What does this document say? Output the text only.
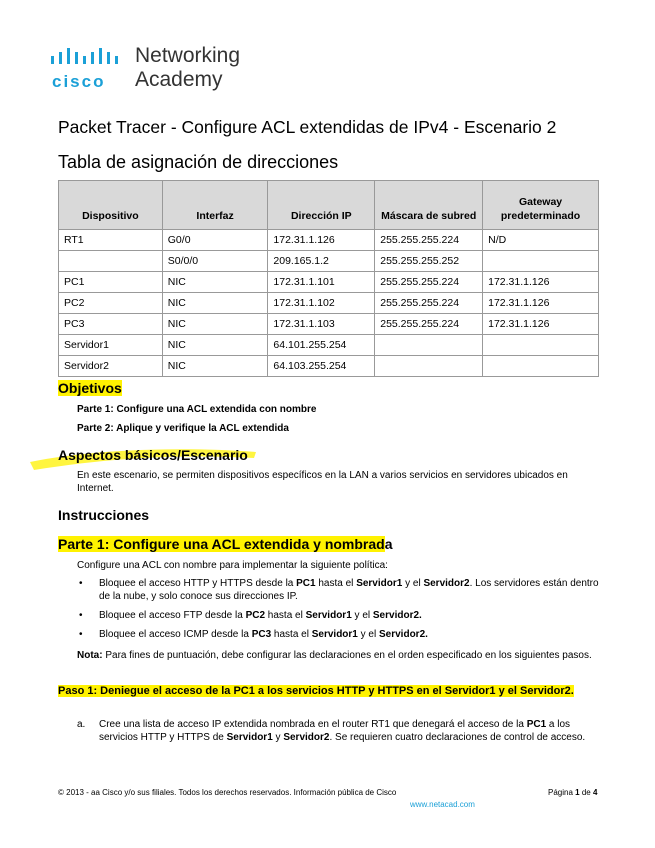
cisco
Networking
Academy
Packet Tracer - Configure ACL extendidas de IPv4 - Escenario 2
Tabla de asignación de direcciones
Dispositivo	Interfaz	Dirección IP	Máscara de subred	Gateway predeterminado
RT1	G0/0	172.31.1.126	255.255.255.224	N/D
	S0/0/0	209.165.1.2	255.255.255.252	
PC1	NIC	172.31.1.101	255.255.255.224	172.31.1.126
PC2	NIC	172.31.1.102	255.255.255.224	172.31.1.126
PC3	NIC	172.31.1.103	255.255.255.224	172.31.1.126
Servidor1	NIC	64.101.255.254		
Servidor2	NIC	64.103.255.254		
Objetivos
Parte 1: Configure una ACL extendida con nombre
Parte 2: Aplique y verifique la ACL extendida
Aspectos básicos/Escenario
En este escenario, se permiten dispositivos específicos en la LAN a varios servicios en servidores ubicados en Internet.
Instrucciones
Parte 1: Configure una ACL extendida y nombrada
Configure una ACL con nombre para implementar la siguiente política:
• Bloquee el acceso HTTP y HTTPS desde la PC1 hasta el Servidor1 y el Servidor2. Los servidores están dentro de la nube, y solo conoce sus direcciones IP.
• Bloquee el acceso FTP desde la PC2 hasta el Servidor1 y el Servidor2.
• Bloquee el acceso ICMP desde la PC3 hasta el Servidor1 y el Servidor2.
Nota: Para fines de puntuación, debe configurar las declaraciones en el orden especificado en los siguientes pasos.
Paso 1: Deniegue el acceso de la PC1 a los servicios HTTP y HTTPS en el Servidor1 y el Servidor2.
a. Cree una lista de acceso IP extendida nombrada en el router RT1 que denegará el acceso de la PC1 a los servicios HTTP y HTTPS de Servidor1 y Servidor2. Se requieren cuatro declaraciones de control de acceso.
© 2013 - aa Cisco y/o sus filiales. Todos los derechos reservados. Información pública de Cisco	Página 1 de 4
www.netacad.com
